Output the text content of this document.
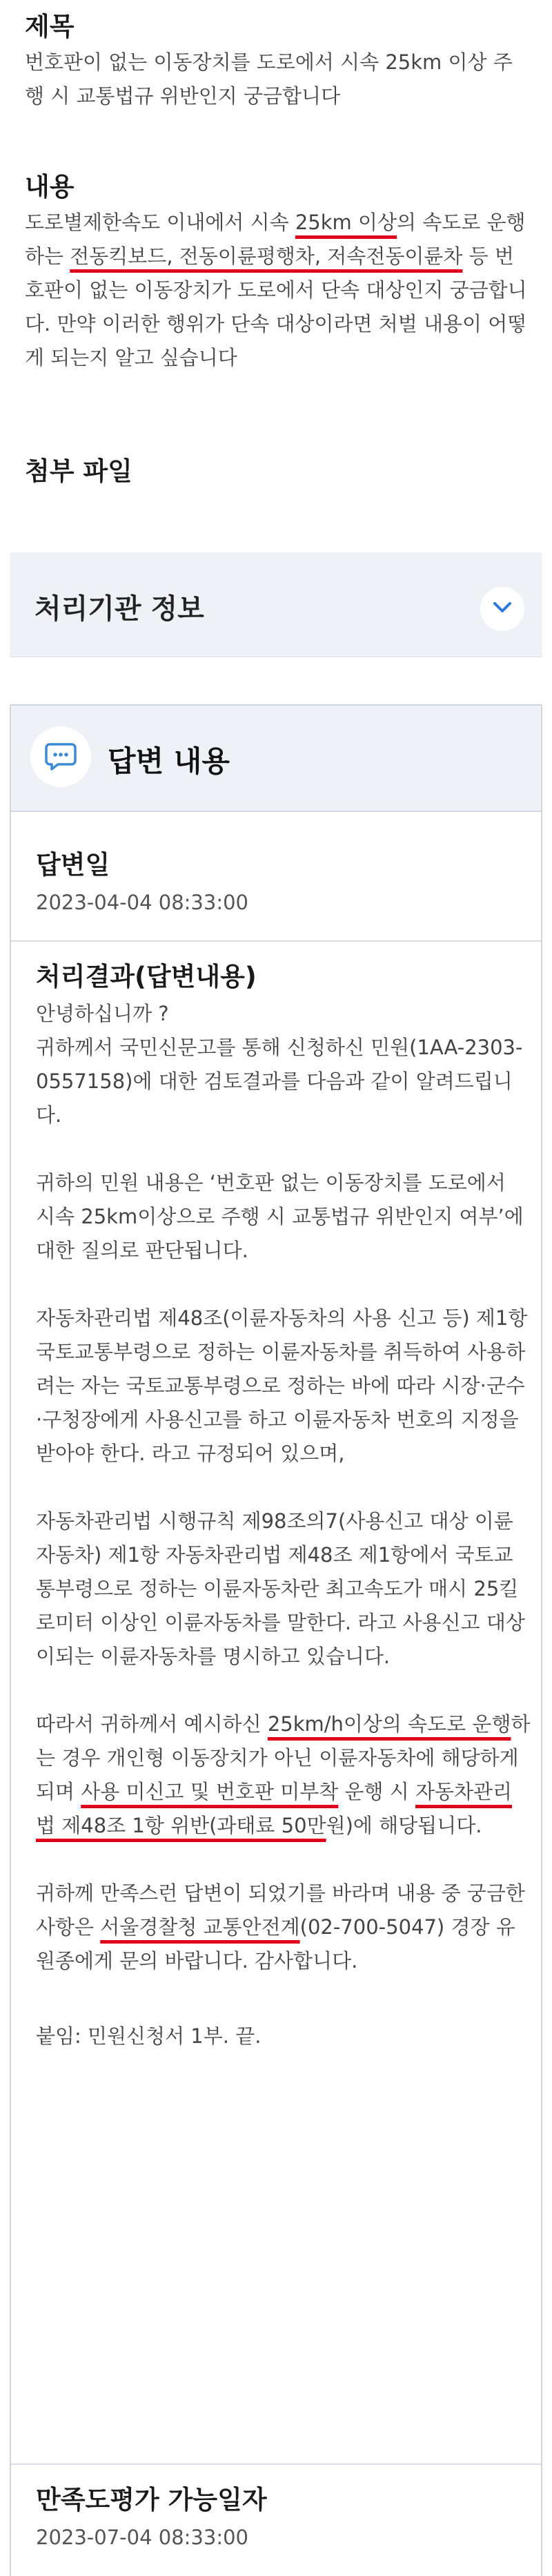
제목
번호판이 없는 이동장치를 도로에서 시속 25km 이상 주행 시 교통법규 위반인지 궁금합니다
내용
도로별제한속도 이내에서 시속 25km 이상의 속도로 운행하는 전동킥보드, 전동이륜평행차, 저속전동이륜차 등 번호판이 없는 이동장치가 도로에서 단속 대상인지 궁금합니다. 만약 이러한 행위가 단속 대상이라면 처벌 내용이 어떻게 되는지 알고 싶습니다
첨부 파일
처리기관 정보
답변 내용
답변일
2023-04-04 08:33:00
처리결과(답변내용)

안녕하십니까 ?
귀하께서 국민신문고를 통해 신청하신 민원(1AA-2303-0557158)에 대한 검토결과를 다음과 같이 알려드립니다.

귀하의 민원 내용은 ‘번호판 없는 이동장치를 도로에서 시속 25km이상으로 주행 시 교통법규 위반인지 여부’에 대한 질의로 판단됩니다.

자동차관리법 제48조(이륜자동차의 사용 신고 등) 제1항 국토교통부령으로 정하는 이륜자동차를 취득하여 사용하려는 자는 국토교통부령으로 정하는 바에 따라 시장·군수·구청장에게 사용신고를 하고 이륜자동차 번호의 지정을 받아야 한다. 라고 규정되어 있으며,

자동차관리법 시행규칙 제98조의7(사용신고 대상 이륜자동차) 제1항 자동차관리법 제48조 제1항에서 국토교통부령으로 정하는 이륜자동차란 최고속도가 매시 25킬로미터 이상인 이륜자동차를 말한다. 라고 사용신고 대상이되는 이륜자동차를 명시하고 있습니다.

따라서 귀하께서 예시하신 25km/h이상의 속도로 운행하는 경우 개인형 이동장치가 아닌 이륜자동차에 해당하게 되며 사용 미신고 및 번호판 미부착 운행 시 자동차관리법 제48조 1항 위반(과태료 50만원)에 해당됩니다.

귀하께 만족스런 답변이 되었기를 바라며 내용 중 궁금한 사항은 서울경찰청 교통안전계(02-700-5047) 경장 유원종에게 문의 바랍니다. 감사합니다.

붙임: 민원신청서 1부. 끝.

만족도평가 가능일자
2023-07-04 08:33:00
